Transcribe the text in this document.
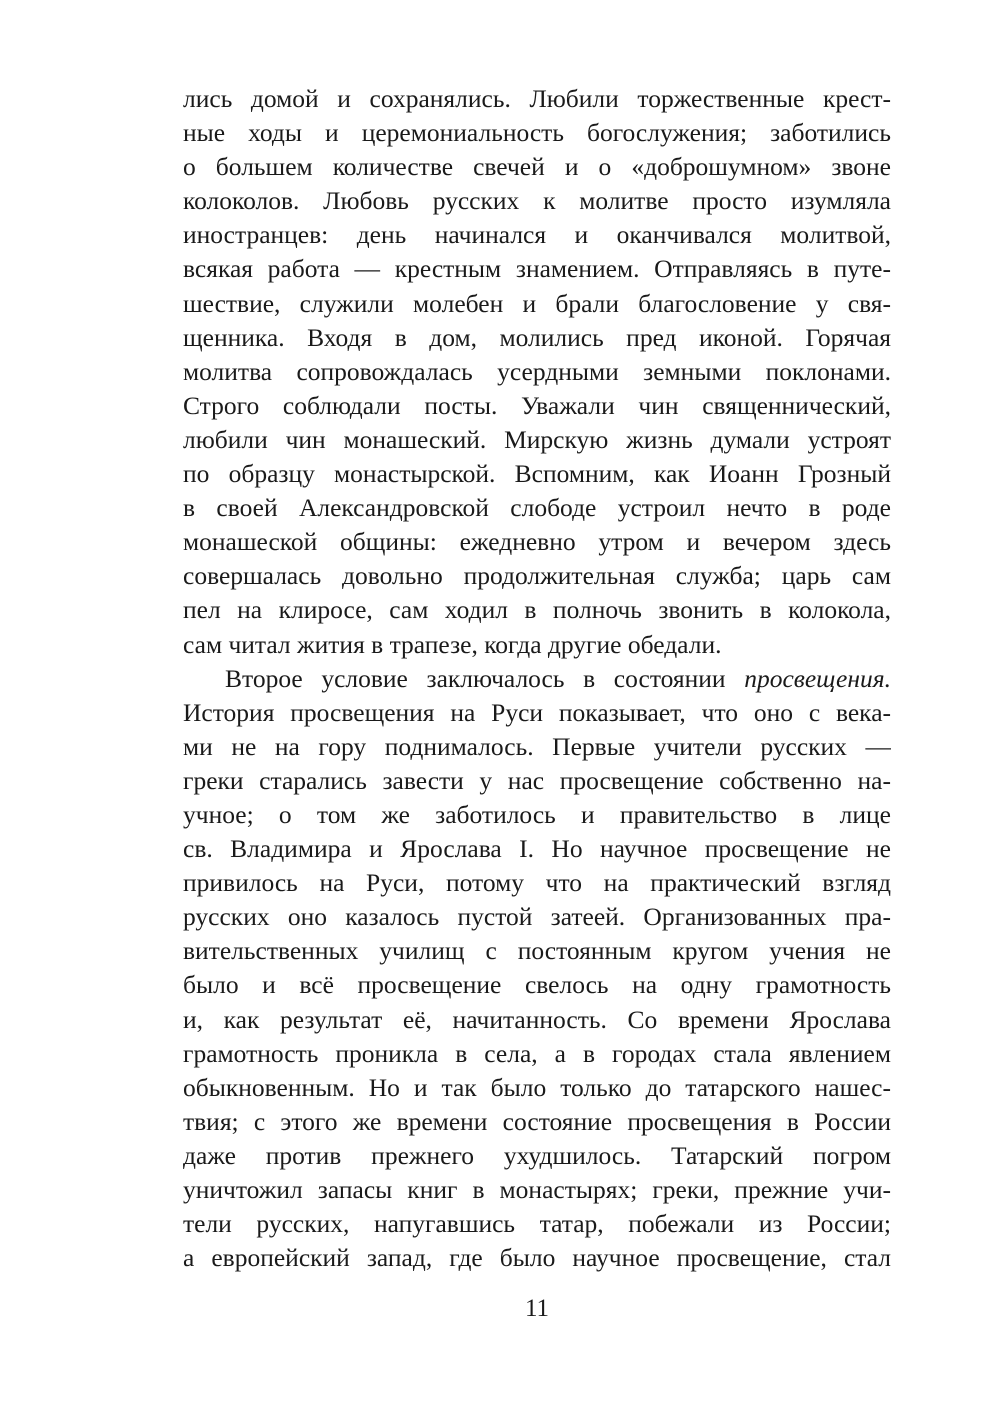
лись домой и сохранялись. Любили торжественные крест-
ные ходы и церемониальность богослужения; заботились
о большем количестве свечей и о «доброшумном» звоне
колоколов. Любовь русских к молитве просто изумляла
иностранцев: день начинался и оканчивался молитвой,
всякая работа — крестным знамением. Отправляясь в путе-
шествие, служили молебен и брали благословение у свя-
щенника. Входя в дом, молились пред иконой. Горячая
молитва сопровождалась усердными земными поклонами.
Строго соблюдали посты. Уважали чин священнический,
любили чин монашеский. Мирскую жизнь думали устроят
по образцу монастырской. Вспомним, как Иоанн Грозный
в своей Александровской слободе устроил нечто в роде
монашеской общины: ежедневно утром и вечером здесь
совершалась довольно продолжительная служба; царь сам
пел на клиросе, сам ходил в полночь звонить в колокола,
сам читал жития в трапезе, когда другие обедали.
Второе условие заключалось в состоянии просвещения.
История просвещения на Руси показывает, что оно с века-
ми не на гору поднималось. Первые учители русских —
греки старались завести у нас просвещение собственно на-
учное; о том же заботилось и правительство в лице
св. Владимира и Ярослава I. Но научное просвещение не
привилось на Руси, потому что на практический взгляд
русских оно казалось пустой затеей. Организованных пра-
вительственных училищ с постоянным кругом учения не
было и всё просвещение свелось на одну грамотность
и, как результат её, начитанность. Со времени Ярослава
грамотность проникла в села, а в городах стала явлением
обыкновенным. Но и так было только до татарского нашес-
твия; с этого же времени состояние просвещения в России
даже против прежнего ухудшилось. Татарский погром
уничтожил запасы книг в монастырях; греки, прежние учи-
тели русских, напугавшись татар, побежали из России;
а европейский запад, где было научное просвещение, стал
11
